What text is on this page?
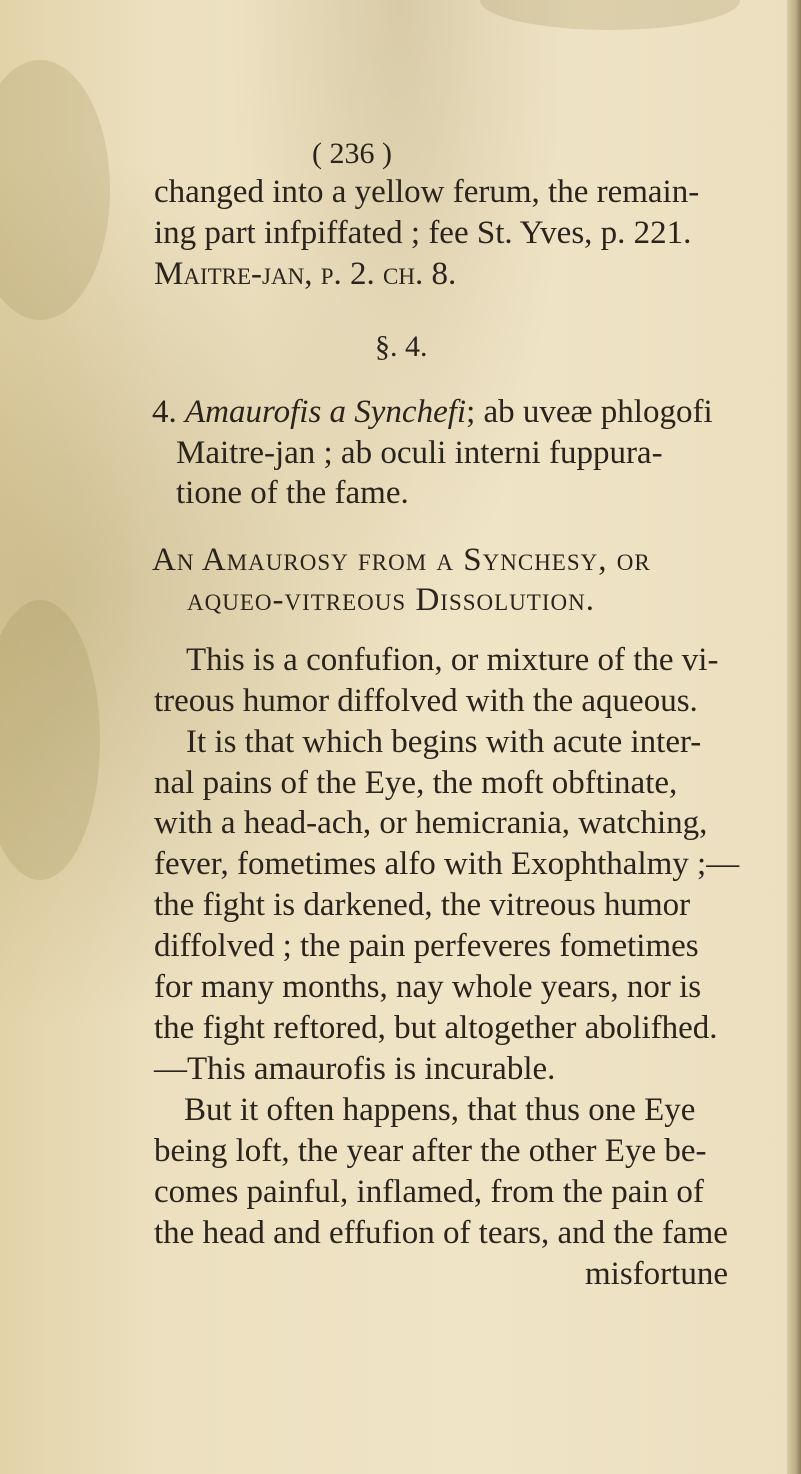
( 236 )
changed into a yellow ferum, the remain-
ing part infpiffated ; fee St. Yves, p. 221.
Maitre-jan, p. 2. ch. 8.
§. 4.
4. Amaurofis a Synchefi; ab uveæ phlogofi
Maitre-jan ; ab oculi interni fuppura-
tione of the fame.
An Amaurosy from a Synchesy, or
aqueo-vitreous Dissolution.
This is a confufion, or mixture of the vi-
treous humor diffolved with the aqueous.
It is that which begins with acute inter-
nal pains of the Eye, the moft obftinate,
with a head-ach, or hemicrania, watching,
fever, fometimes alfo with Exophthalmy ;—
the fight is darkened, the vitreous humor
diffolved ; the pain perfeveres fometimes
for many months, nay whole years, nor is
the fight reftored, but altogether abolifhed.
—This amaurofis is incurable.
But it often happens, that thus one Eye
being loft, the year after the other Eye be-
comes painful, inflamed, from the pain of
the head and effufion of tears, and the fame
misfortune
